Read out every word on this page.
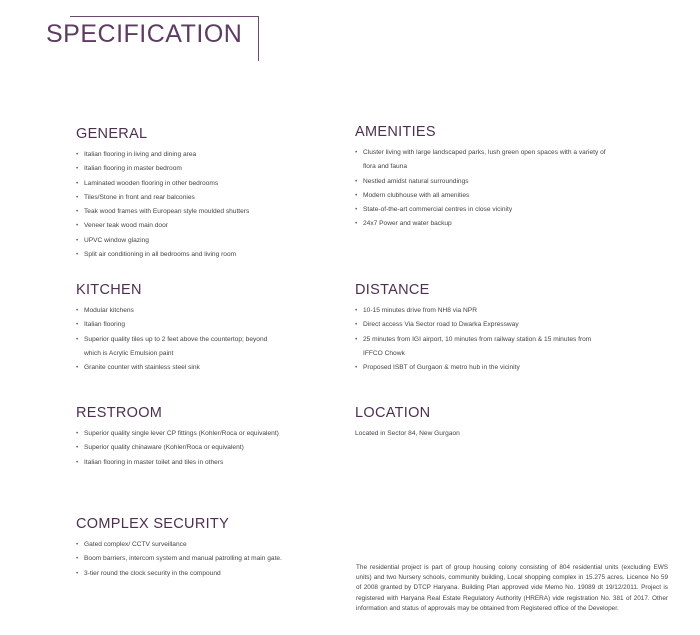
SPECIFICATION
GENERAL
• Italian flooring in living and dining area
• Italian flooring in master bedroom
• Laminated wooden flooring in other bedrooms
• Tiles/Stone in front and rear balconies
• Teak wood frames with European style moulded shutters
• Veneer teak wood main door
• UPVC window glazing
• Split air conditioning in all bedrooms and living room
AMENITIES
• Cluster living with large landscaped parks, lush green open spaces with a variety of
flora and fauna
• Nestled amidst natural surroundings
• Modern clubhouse with all amenities
• State-of-the-art commercial centres in close vicinity
• 24x7 Power and water backup
KITCHEN
• Modular kitchens
• Italian flooring
• Superior quality tiles up to 2 feet above the countertop; beyond
which is Acrylic Emulsion paint
• Granite counter with stainless steel sink
DISTANCE
• 10-15 minutes drive from NH8 via NPR
• Direct access Via Sector road to Dwarka Expressway
• 25 minutes from IGI airport, 10 minutes from railway station & 15 minutes from
IFFCO Chowk
• Proposed ISBT of Gurgaon & metro hub in the vicinity
RESTROOM
• Superior quality single lever CP fittings (Kohler/Roca or equivalent)
• Superior quality chinaware (Kohler/Roca or equivalent)
• Italian flooring in master toilet and tiles in others
LOCATION

Located in Sector 84, New Gurgaon

COMPLEX SECURITY
• Gated complex/ CCTV surveillance
• Boom barriers, intercom system and manual patrolling at main gate.
• 3-tier round the clock security in the compound
The residential project is part of group housing colony consisting of 804 residential units (excluding EWS units) and two Nursery schools, community building, Local shopping complex in 15.275 acres. Licence No 59 of 2008 granted by DTCP Haryana. Building Plan approved vide Memo No. 19089 dt 19/12/2011. Project is registered with Haryana Real Estate Regulatory Authority (HRERA) vide registration No. 381 of 2017. Other information and status of approvals may be obtained from Registered office of the Developer.
